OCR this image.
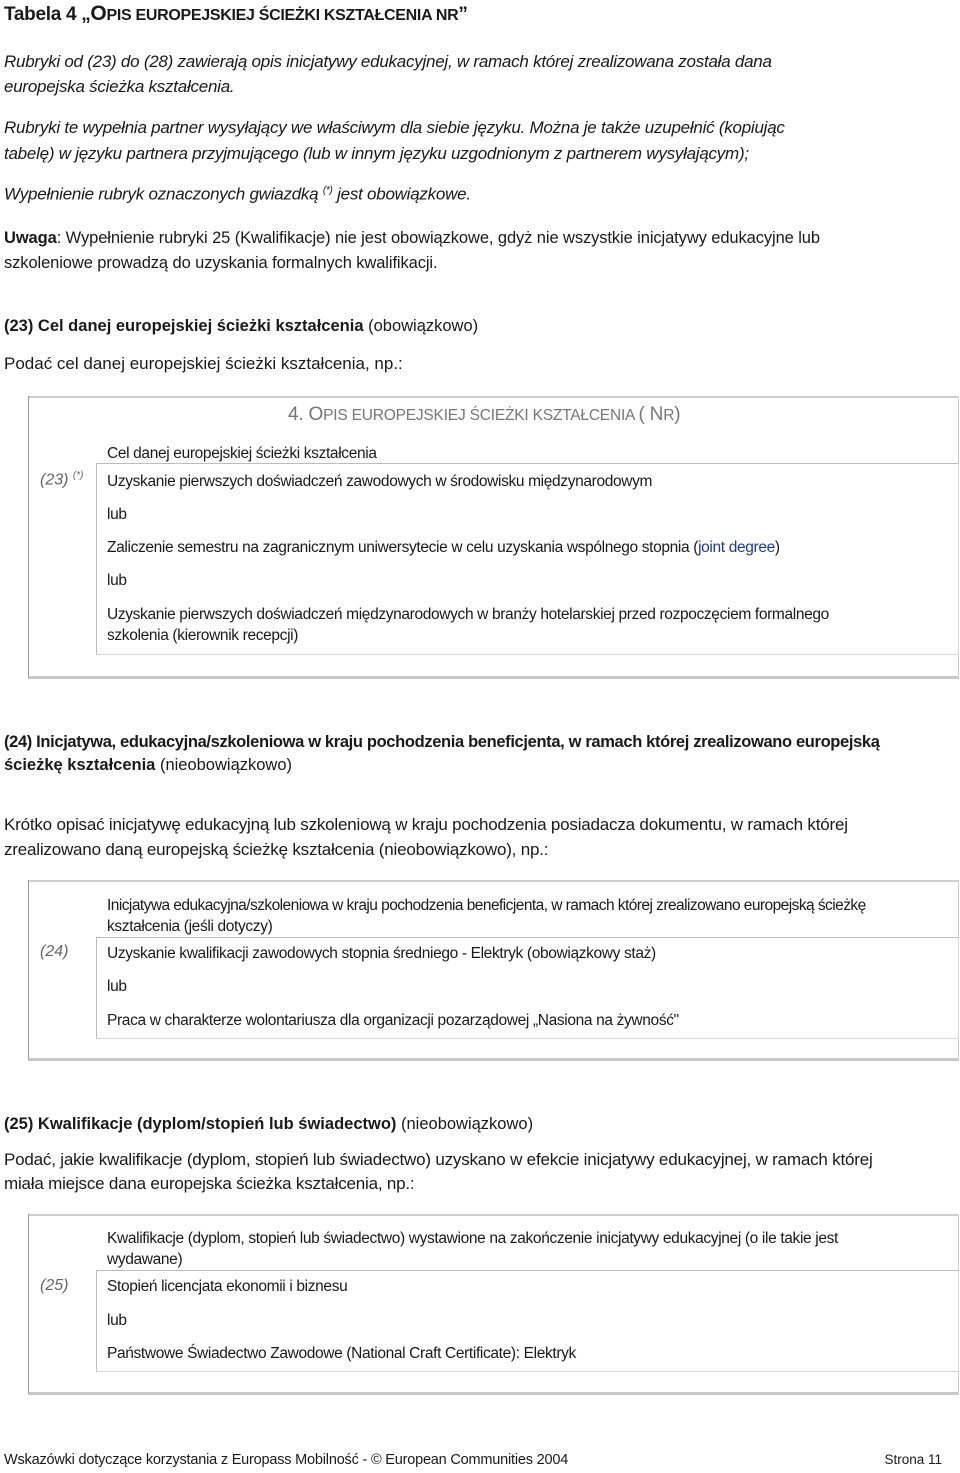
Tabela 4 „OPIS EUROPEJSKIEJ ŚCIEŻKI KSZTAŁCENIA NR”
Rubryki od (23) do (28) zawierają opis inicjatywy edukacyjnej, w ramach której zrealizowana została dana
europejska ścieżka kształcenia.
Rubryki te wypełnia partner wysyłający we właściwym dla siebie języku. Można je także uzupełnić (kopiując
tabelę) w języku partnera przyjmującego (lub w innym języku uzgodnionym z partnerem wysyłającym);
Wypełnienie rubryk oznaczonych gwiazdką (*) jest obowiązkowe.
Uwaga: Wypełnienie rubryki 25 (Kwalifikacje) nie jest obowiązkowe, gdyż nie wszystkie inicjatywy edukacyjne lub
szkoleniowe prowadzą do uzyskania formalnych kwalifikacji.
(23) Cel danej europejskiej ścieżki kształcenia (obowiązkowo)
Podać cel danej europejskiej ścieżki kształcenia, np.:
4. OPIS EUROPEJSKIEJ ŚCIEŻKI KSZTAŁCENIA ( NR)
Cel danej europejskiej ścieżki kształcenia
(23) (*) Uzyskanie pierwszych doświadczeń zawodowych w środowisku międzynarodowym
lub
Zaliczenie semestru na zagranicznym uniwersytecie w celu uzyskania wspólnego stopnia (joint degree)
lub
Uzyskanie pierwszych doświadczeń międzynarodowych w branży hotelarskiej przed rozpoczęciem formalnego
szkolenia (kierownik recepcji)
(24) Inicjatywa, edukacyjna/szkoleniowa w kraju pochodzenia beneficjenta, w ramach której zrealizowano europejską
ścieżkę kształcenia (nieobowiązkowo)
Krótko opisać inicjatywę edukacyjną lub szkoleniową w kraju pochodzenia posiadacza dokumentu, w ramach której
zrealizowano daną europejską ścieżkę kształcenia (nieobowiązkowo), np.:
Inicjatywa edukacyjna/szkoleniowa w kraju pochodzenia beneficjenta, w ramach której zrealizowano europejską ścieżkę
kształcenia (jeśli dotyczy)
(24) Uzyskanie kwalifikacji zawodowych stopnia średniego - Elektryk (obowiązkowy staż)
lub
Praca w charakterze wolontariusza dla organizacji pozarządowej „Nasiona na żywność"
(25) Kwalifikacje (dyplom/stopień lub świadectwo) (nieobowiązkowo)
Podać, jakie kwalifikacje (dyplom, stopień lub świadectwo) uzyskano w efekcie inicjatywy edukacyjnej, w ramach której
miała miejsce dana europejska ścieżka kształcenia, np.:
Kwalifikacje (dyplom, stopień lub świadectwo) wystawione na zakończenie inicjatywy edukacyjnej (o ile takie jest
wydawane)
(25) Stopień licencjata ekonomii i biznesu
lub
Państwowe Świadectwo Zawodowe (National Craft Certificate): Elektryk
Wskazówki dotyczące korzystania z Europass Mobilność - © European Communities 2004	Strona 11
